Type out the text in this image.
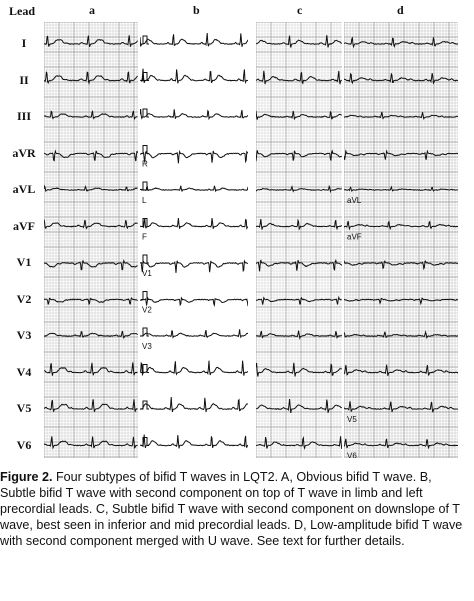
Lead	a	b	c	d
I
II
III
aVR
aVL
aVF
V1
V2
V3
V4
V5
V6
R
L
F
V1
V2
V3
aVL
aVF
V5
V6
Figure 2. Four subtypes of bifid T waves in LQT2. A, Obvious bifid T wave. B, Subtle bifid T wave with second component on top of T wave in limb and left precordial leads. C, Subtle bifid T wave with second component on downslope of T wave, best seen in inferior and mid precordial leads. D, Low-amplitude bifid T wave with second component merged with U wave. See text for further details.
